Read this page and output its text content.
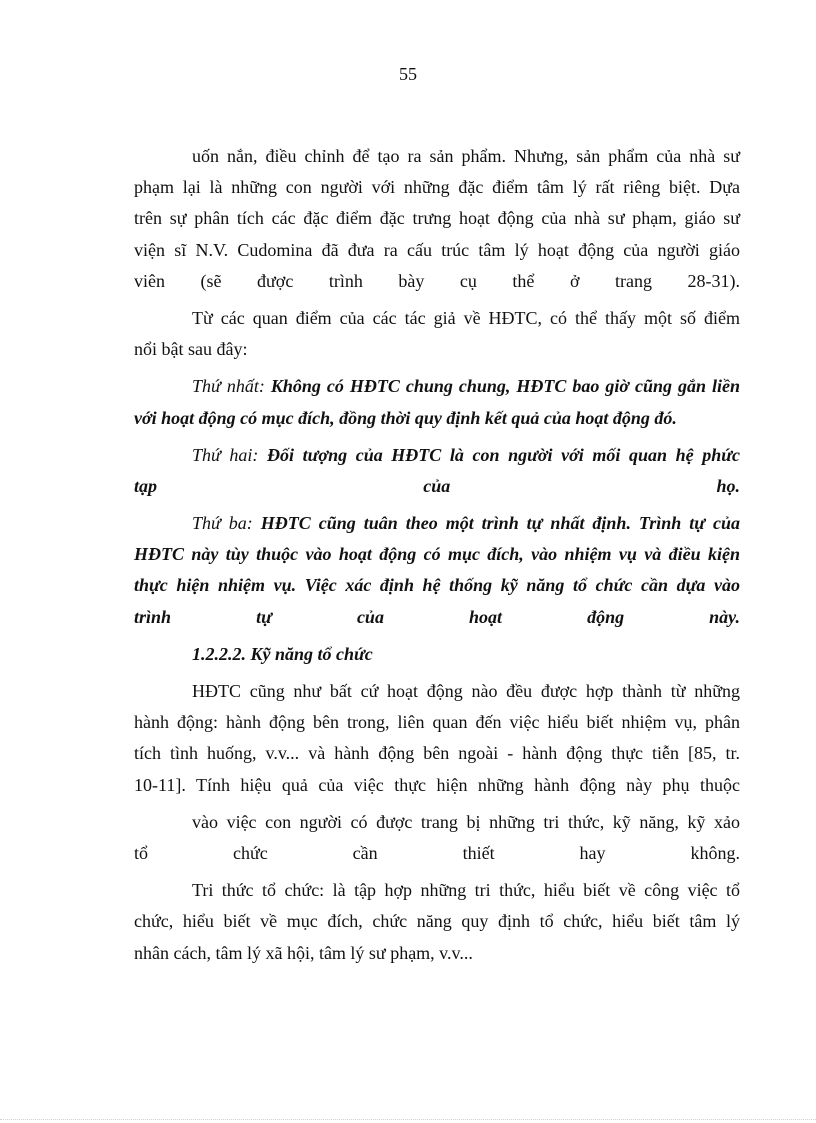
55
uốn nắn, điều chỉnh để tạo ra sản phẩm. Nhưng, sản phẩm của nhà sư
phạm lại là những con người với những đặc điểm tâm lý rất riêng biệt. Dựa
trên sự phân tích các đặc điểm đặc trưng hoạt động của nhà sư phạm, giáo sư
viện sĩ N.V. Cudomina đã đưa ra cấu trúc tâm lý hoạt động của người giáo
viên (sẽ được trình bày cụ thể ở trang 28-31).
Từ các quan điểm của các tác giả về HĐTC, có thể thấy một số điểm
nổi bật sau đây:
Thứ nhất: Không có HĐTC chung chung, HĐTC bao giờ cũng gắn liền
với hoạt động có mục đích, đồng thời quy định kết quả của hoạt động đó.
Thứ hai: Đối tượng của HĐTC là con người với mối quan hệ phức
tạp của họ.
Thứ ba: HĐTC cũng tuân theo một trình tự nhất định. Trình tự của
HĐTC này tùy thuộc vào hoạt động có mục đích, vào nhiệm vụ và điều kiện
thực hiện nhiệm vụ. Việc xác định hệ thống kỹ năng tổ chức cần dựa vào
trình tự của hoạt động này.
1.2.2.2. Kỹ năng tổ chức
HĐTC cũng như bất cứ hoạt động nào đều được hợp thành từ những
hành động: hành động bên trong, liên quan đến việc hiểu biết nhiệm vụ, phân
tích tình huống, v.v... và hành động bên ngoài - hành động thực tiễn [85, tr.
10-11]. Tính hiệu quả của việc thực hiện những hành động này phụ thuộc
vào việc con người có được trang bị những tri thức, kỹ năng, kỹ xảo
tổ chức cần thiết hay không.
Tri thức tổ chức: là tập hợp những tri thức, hiểu biết về công việc tổ
chức, hiểu biết về mục đích, chức năng quy định tổ chức, hiểu biết tâm lý
nhân cách, tâm lý xã hội, tâm lý sư phạm, v.v...
